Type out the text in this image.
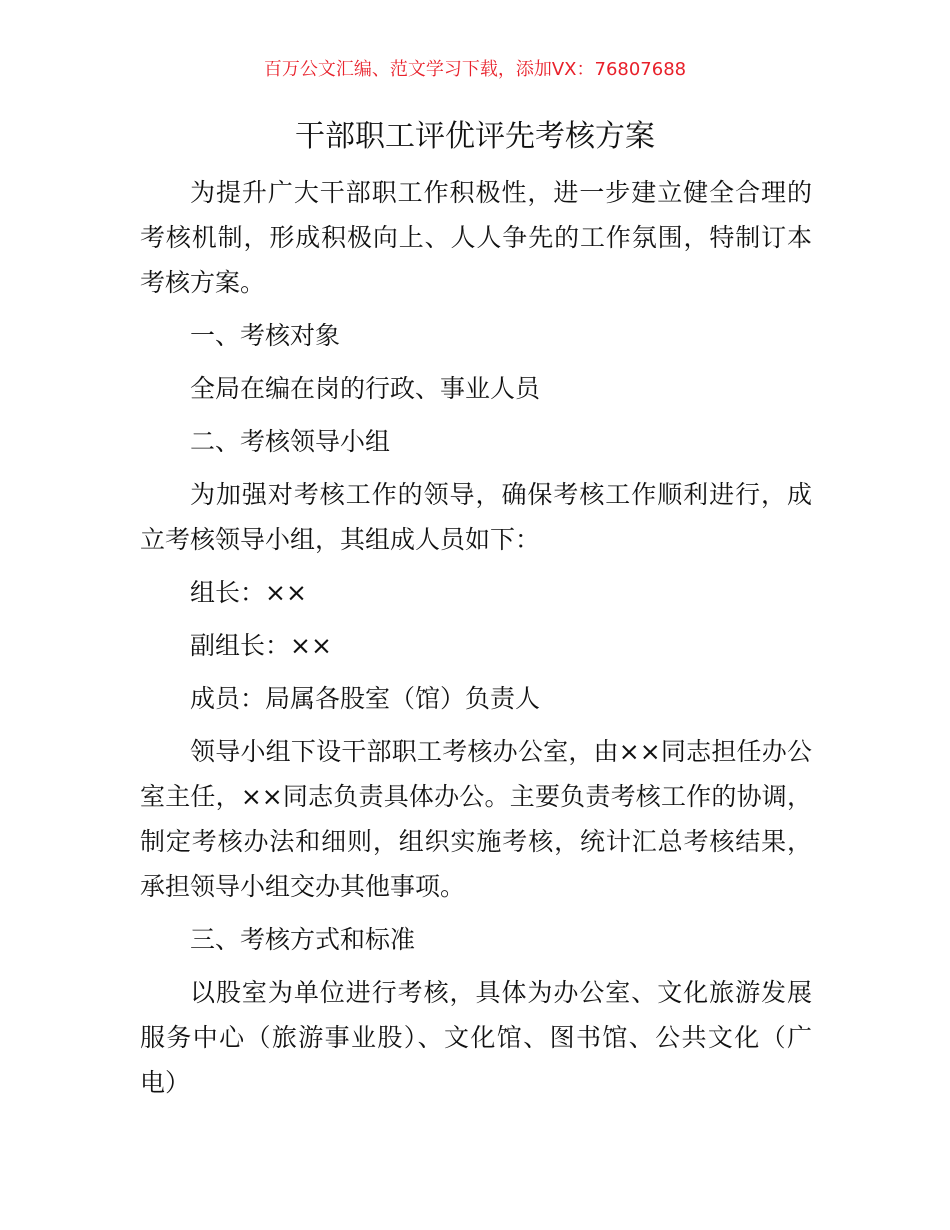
百万公文汇编、范文学习下载，添加VX：76807688
干部职工评优评先考核方案

为提升广大干部职工作积极性，进一步建立健全合理的考核机制，形成积极向上、人人争先的工作氛围，特制订本考核方案。

一、考核对象

全局在编在岗的行政、事业人员

二、考核领导小组

为加强对考核工作的领导，确保考核工作顺利进行，成立考核领导小组，其组成人员如下：

组长：××

副组长：××

成员：局属各股室（馆）负责人

领导小组下设干部职工考核办公室，由××同志担任办公室主任，××同志负责具体办公。主要负责考核工作的协调，制定考核办法和细则，组织实施考核，统计汇总考核结果，承担领导小组交办其他事项。

三、考核方式和标准

以股室为单位进行考核，具体为办公室、文化旅游发展服务中心（旅游事业股）、文化馆、图书馆、公共文化（广电）
